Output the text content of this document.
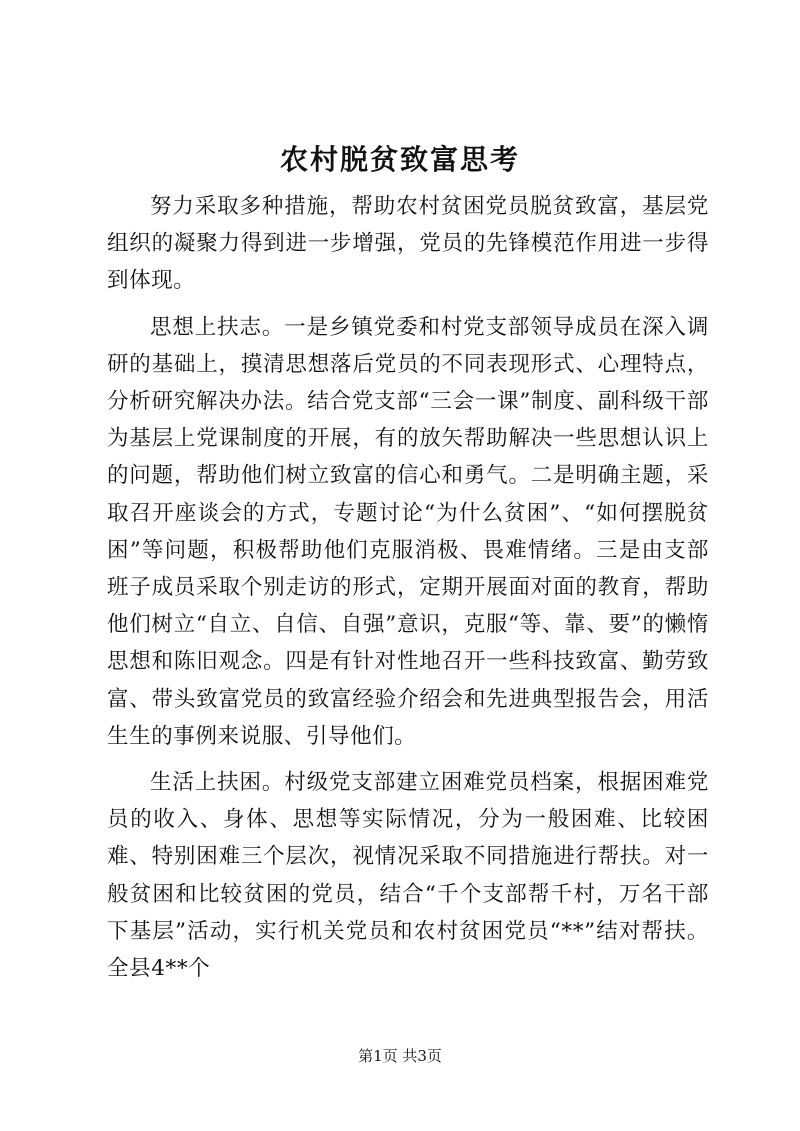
农村脱贫致富思考

努力采取多种措施，帮助农村贫困党员脱贫致富，基层党组织的凝聚力得到进一步增强，党员的先锋模范作用进一步得到体现。

思想上扶志。一是乡镇党委和村党支部领导成员在深入调研的基础上，摸清思想落后党员的不同表现形式、心理特点，分析研究解决办法。结合党支部“三会一课”制度、副科级干部为基层上党课制度的开展，有的放矢帮助解决一些思想认识上的问题，帮助他们树立致富的信心和勇气。二是明确主题，采取召开座谈会的方式，专题讨论“为什么贫困”、“如何摆脱贫困”等问题，积极帮助他们克服消极、畏难情绪。三是由支部班子成员采取个别走访的形式，定期开展面对面的教育，帮助他们树立“自立、自信、自强”意识，克服“等、靠、要”的懒惰思想和陈旧观念。四是有针对性地召开一些科技致富、勤劳致富、带头致富党员的致富经验介绍会和先进典型报告会，用活生生的事例来说服、引导他们。

生活上扶困。村级党支部建立困难党员档案，根据困难党员的收入、身体、思想等实际情况，分为一般困难、比较困难、特别困难三个层次，视情况采取不同措施进行帮扶。对一般贫困和比较贫困的党员，结合“千个支部帮千村，万名干部下基层”活动，实行机关党员和农村贫困党员“**”结对帮扶。全县4**个

第1页 共3页
